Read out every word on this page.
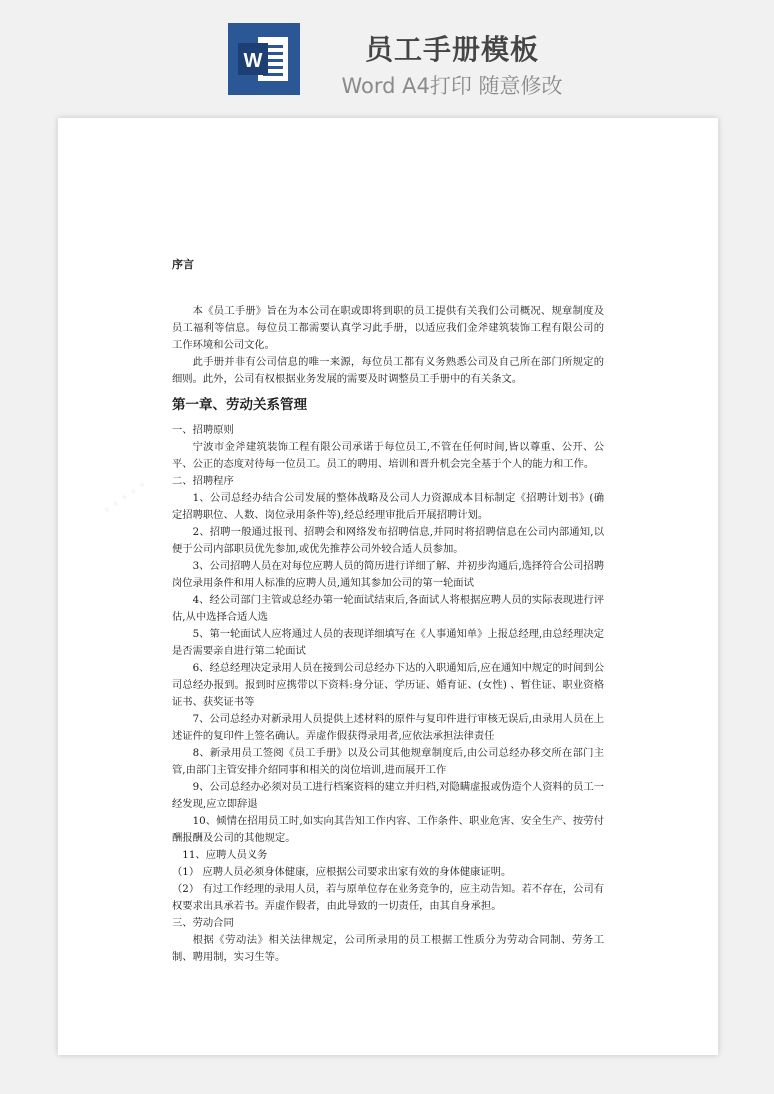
W	员工手册模板
Word A4打印 随意修改
序言

本《员工手册》旨在为本公司在职或即将到职的员工提供有关我们公司概况、规章制度及员工福利等信息。每位员工都需要认真学习此手册，以适应我们金斧建筑装饰工程有限公司的工作环境和公司文化。

此手册并非有公司信息的唯一来源，每位员工都有义务熟悉公司及自己所在部门所规定的细则。此外，公司有权根据业务发展的需要及时调整员工手册中的有关条文。

第一章、劳动关系管理

一、招聘原则

宁波市金斧建筑装饰工程有限公司承诺于每位员工,不管在任何时间,皆以尊重、公开、公平、公正的态度对待每一位员工。员工的聘用、培训和晋升机会完全基于个人的能力和工作。

二、招聘程序

1、公司总经办结合公司发展的整体战略及公司人力资源成本目标制定《招聘计划书》(确定招聘职位、人数、岗位录用条件等),经总经理审批后开展招聘计划。

2、招聘一般通过报刊、招聘会和网络发布招聘信息,并同时将招聘信息在公司内部通知,以便于公司内部职员优先参加,或优先推荐公司外较合适人员参加。

3、公司招聘人员在对每位应聘人员的简历进行详细了解、并初步沟通后,选择符合公司招聘岗位录用条件和用人标准的应聘人员,通知其参加公司的第一轮面试

4、经公司部门主管或总经办第一轮面试结束后,各面试人将根据应聘人员的实际表现进行评估,从中选择合适人选

5、第一轮面试人应将通过人员的表现详细填写在《人事通知单》上报总经理,由总经理决定是否需要亲自进行第二轮面试

6、经总经理决定录用人员在接到公司总经办下达的入职通知后,应在通知中规定的时间到公司总经办报到。报到时应携带以下资料:身分证、学历证、婚育证、(女性) 、暂住证、职业资格证书、获奖证书等

7、公司总经办对新录用人员提供上述材料的原件与复印件进行审核无误后,由录用人员在上述证件的复印件上签名确认。弄虚作假获得录用者,应依法承担法律责任

8、新录用员工签阅《员工手册》以及公司其他规章制度后,由公司总经办移交所在部门主管,由部门主管安排介绍同事和相关的岗位培训,进而展开工作

9、公司总经办必须对员工进行档案资料的建立并归档,对隐瞒虚报或伪造个人资料的员工一经发现,应立即辞退

10、倾情在招用员工时,如实向其告知工作内容、工作条件、职业危害、安全生产、按劳付酬报酬及公司的其他规定。

11、应聘人员义务

（1） 应聘人员必须身体健康，应根据公司要求出家有效的身体健康证明。

（2） 有过工作经理的录用人员，若与原单位存在业务竞争的，应主动告知。若不存在，公司有权要求出具承若书。弄虚作假者，由此导致的一切责任，由其自身承担。

三、劳动合同

根据《劳动法》相关法律规定，公司所录用的员工根据工性质分为劳动合同制、劳务工制、聘用制，实习生等。
